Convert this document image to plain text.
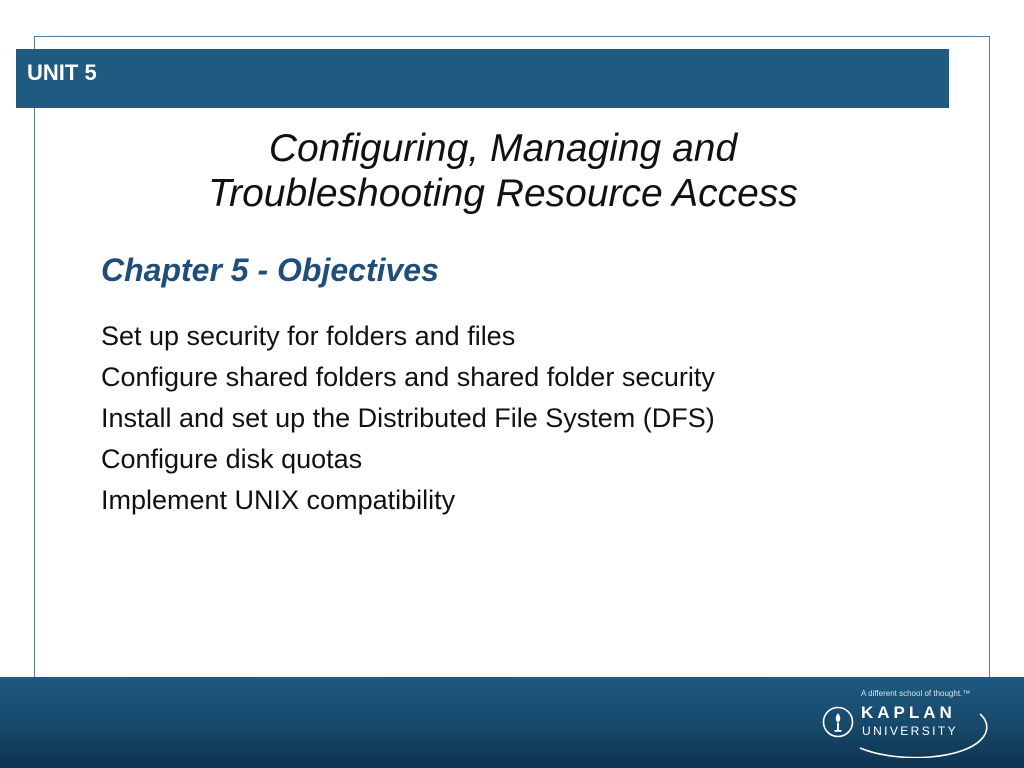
UNIT 5
Configuring, Managing and
Troubleshooting Resource Access
Chapter 5 - Objectives
Set up security for folders and files
Configure shared folders and shared folder security
Install and set up the Distributed File System (DFS)
Configure disk quotas
Implement UNIX compatibility
A different school of thought.™
KAPLAN
UNIVERSITY
